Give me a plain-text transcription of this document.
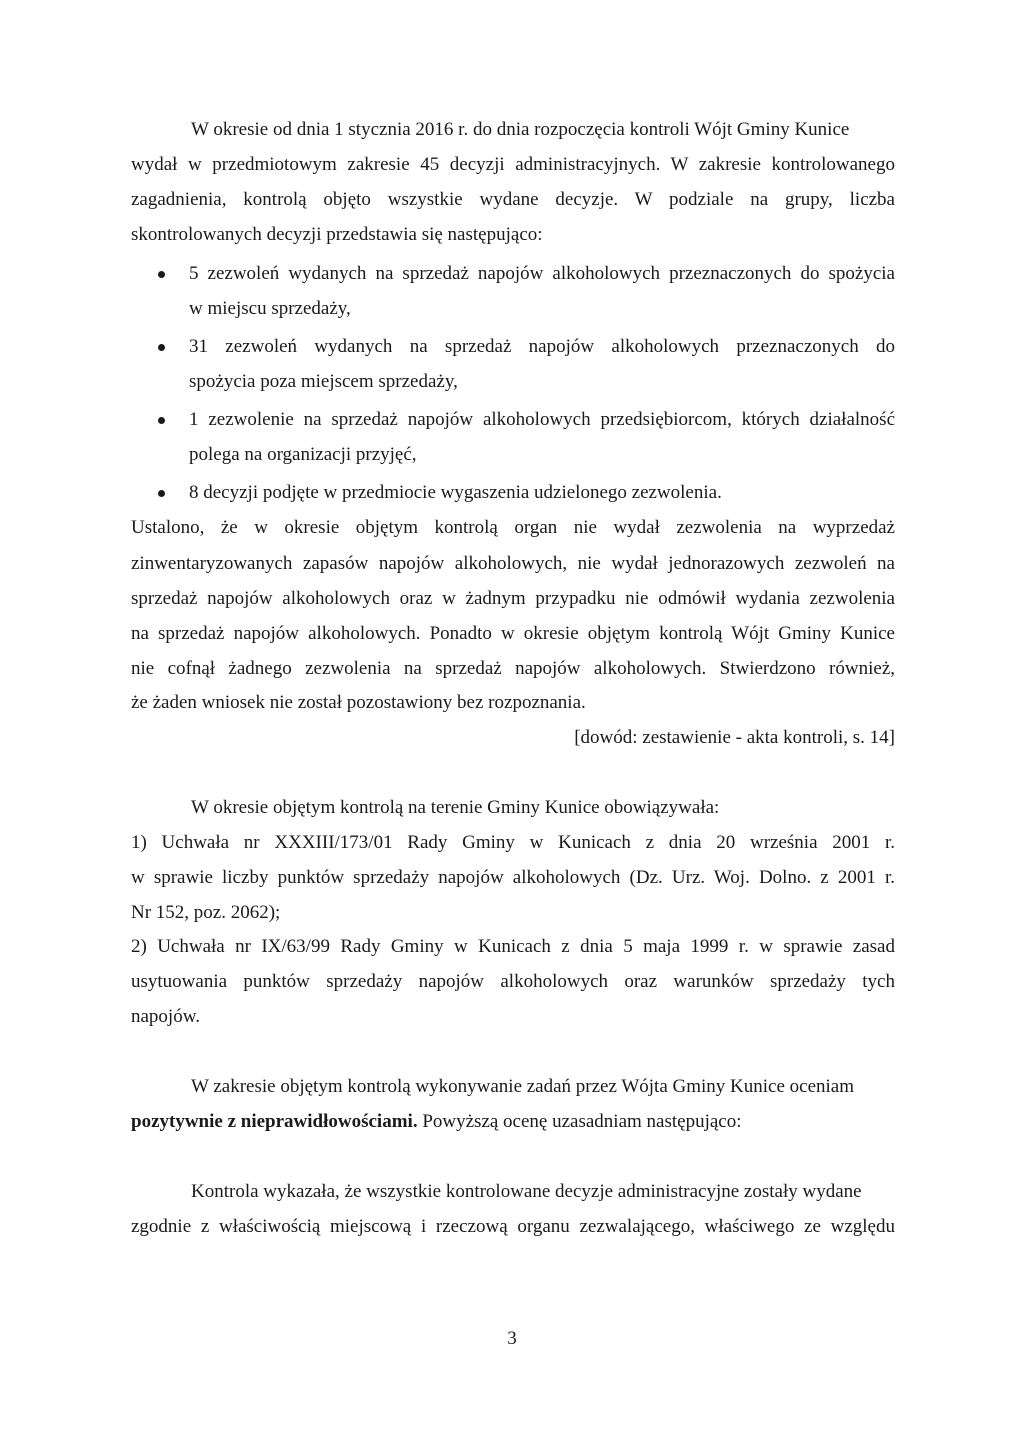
W okresie od dnia 1 stycznia 2016 r. do dnia rozpoczęcia kontroli Wójt Gminy Kunice
wydał w przedmiotowym zakresie 45 decyzji administracyjnych. W zakresie kontrolowanego
zagadnienia, kontrolą objęto wszystkie wydane decyzje. W podziale na grupy, liczba
skontrolowanych decyzji przedstawia się następująco:
5 zezwoleń wydanych na sprzedaż napojów alkoholowych przeznaczonych do spożycia
w miejscu sprzedaży,
31 zezwoleń wydanych na sprzedaż napojów alkoholowych przeznaczonych do
spożycia poza miejscem sprzedaży,
1 zezwolenie na sprzedaż napojów alkoholowych przedsiębiorcom, których działalność
polega na organizacji przyjęć,
8 decyzji podjęte w przedmiocie wygaszenia udzielonego zezwolenia.
Ustalono, że w okresie objętym kontrolą organ nie wydał zezwolenia na wyprzedaż
zinwentaryzowanych zapasów napojów alkoholowych, nie wydał jednorazowych zezwoleń na
sprzedaż napojów alkoholowych oraz w żadnym przypadku nie odmówił wydania zezwolenia
na sprzedaż napojów alkoholowych. Ponadto w okresie objętym kontrolą Wójt Gminy Kunice
nie cofnął żadnego zezwolenia na sprzedaż napojów alkoholowych. Stwierdzono również,
że żaden wniosek nie został pozostawiony bez rozpoznania.
[dowód: zestawienie - akta kontroli, s. 14]
W okresie objętym kontrolą na terenie Gminy Kunice obowiązywała:
1) Uchwała nr XXXIII/173/01 Rady Gminy w Kunicach z dnia 20 września 2001 r.
w sprawie liczby punktów sprzedaży napojów alkoholowych (Dz. Urz. Woj. Dolno. z 2001 r.
Nr 152, poz. 2062);
2) Uchwała nr IX/63/99 Rady Gminy w Kunicach z dnia 5 maja 1999 r. w sprawie zasad
usytuowania punktów sprzedaży napojów alkoholowych oraz warunków sprzedaży tych
napojów.
W zakresie objętym kontrolą wykonywanie zadań przez Wójta Gminy Kunice oceniam
pozytywnie z nieprawidłowościami. Powyższą ocenę uzasadniam następująco:
Kontrola wykazała, że wszystkie kontrolowane decyzje administracyjne zostały wydane
zgodnie z właściwością miejscową i rzeczową organu zezwalającego, właściwego ze względu
3
